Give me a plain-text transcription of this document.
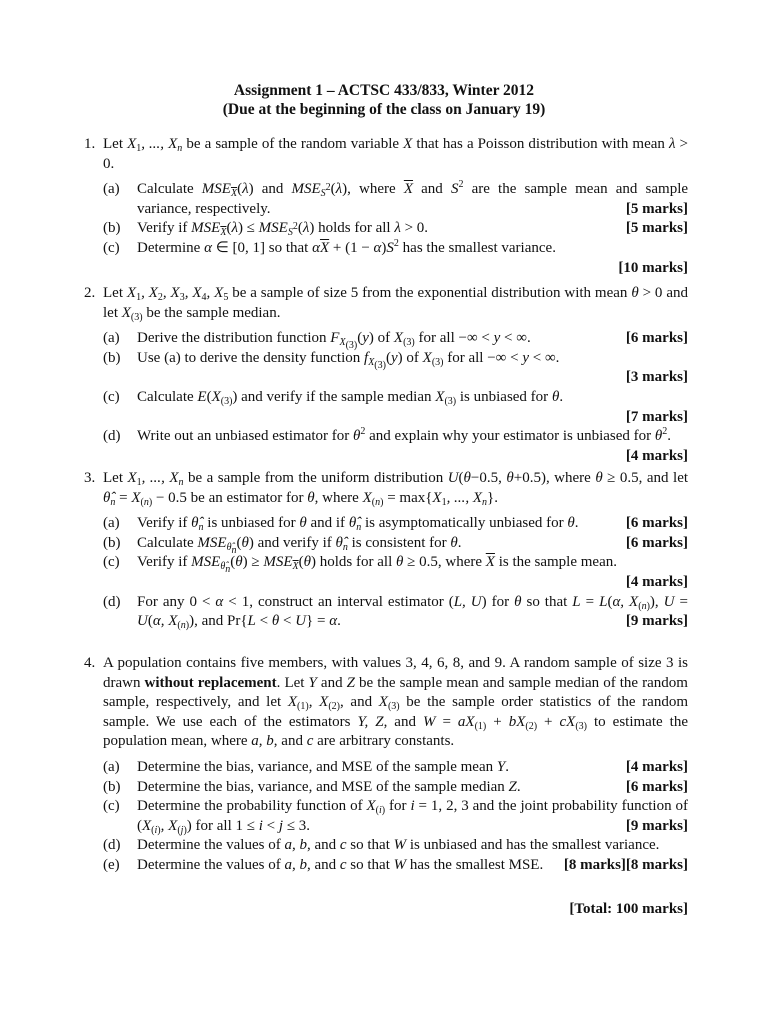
Assignment 1 – ACTSC 433/833, Winter 2012
(Due at the beginning of the class on January 19)
1. Let $X_1$, ..., $X_n$ be a sample of the random variable X that has a Poisson distribution with mean λ > 0.
(a) Calculate $MSE_{\overline{X}}(\lambda)$ and $MSE_{S^2}(\lambda)$, where $\overline{X}$ and $S^2$ are the sample mean and sample variance, respectively.	[5 marks]
(b) Verify if $MSE_{\overline{X}}(\lambda) \le MSE_{S^2}(\lambda)$ holds for all λ > 0.	[5 marks]
(c) Determine α ∈ [0, 1] so that $\alpha\overline{X} + (1 - \alpha)S^2$ has the smallest variance.
[10 marks]
2. Let $X_1$, $X_2$, $X_3$, $X_4$, $X_5$ be a sample of size 5 from the exponential distribution with mean θ > 0 and let $X_{(3)}$ be the sample median.
(a) Derive the distribution function $F_{X_{(3)}}(y)$ of $X_{(3)}$ for all −∞ < y < ∞.	[6 marks]
(b) Use (a) to derive the density function $f_{X_{(3)}}(y)$ of $X_{(3)}$ for all −∞ < y < ∞.
[3 marks]
(c) Calculate $E(X_{(3)})$ and verify if the sample median $X_{(3)}$ is unbiased for θ.
[7 marks]
(d) Write out an unbiased estimator for $\theta^2$ and explain why your estimator is unbiased for $\theta^2$.
[4 marks]
3. Let $X_1$, ..., $X_n$ be a sample from the uniform distribution U(θ−0.5, θ+0.5), where θ ≥ 0.5, and let $\thetâ_n = X_{(n)} - 0.5$ be an estimator for θ, where $X_{(n)} = \max\{X_1$, ..., $X_n$}.
(a) Verify if $\thetâ_n$ is unbiased for θ and if $\thetâ_n$ is asymptomatically unbiased for θ.	[6 marks]
(b) Calculate $MSE_{\thetâ_n}(\theta)$ and verify if $\thetâ_n$ is consistent for θ.	[6 marks]
(c) Verify if $MSE_{\thetâ_n}(\theta) \ge MSE_{\overline{X}}(\theta)$ holds for all θ ≥ 0.5, where $\overline{X}$ is the sample mean.
[4 marks]
(d) For any 0 < α < 1, construct an interval estimator (L, U) for θ so that L = L(α, $X_{(n)}$), U = U(α, $X_{(n)}$), and Pr{L < θ < U} = α.	[9 marks]
4. A population contains five members, with values 3, 4, 6, 8, and 9. A random sample of size 3 is drawn without replacement. Let Y and Z be the sample mean and sample median of the random sample, respectively, and let $X_{(1)}$, $X_{(2)}$, and $X_{(3)}$ be the sample order statistics of the random sample. We use each of the estimators Y, Z, and $W = aX_{(1)} + bX_{(2)} + cX_{(3)}$ to estimate the population mean, where a, b, and c are arbitrary constants.
(a) Determine the bias, variance, and MSE of the sample mean Y.	[4 marks]
(b) Determine the bias, variance, and MSE of the sample median Z.	[6 marks]
(c) Determine the probability function of $X_{(i)}$ for i = 1, 2, 3 and the joint probability function of ($X_{(i)}$, $X_{(j)}$) for all 1 ≤ i < j ≤ 3.	[9 marks]
(d) Determine the values of a, b, and c so that W is unbiased and has the smallest variance.
[8 marks]
(e) Determine the values of a, b, and c so that W has the smallest MSE. [8 marks]
[Total: 100 marks]
